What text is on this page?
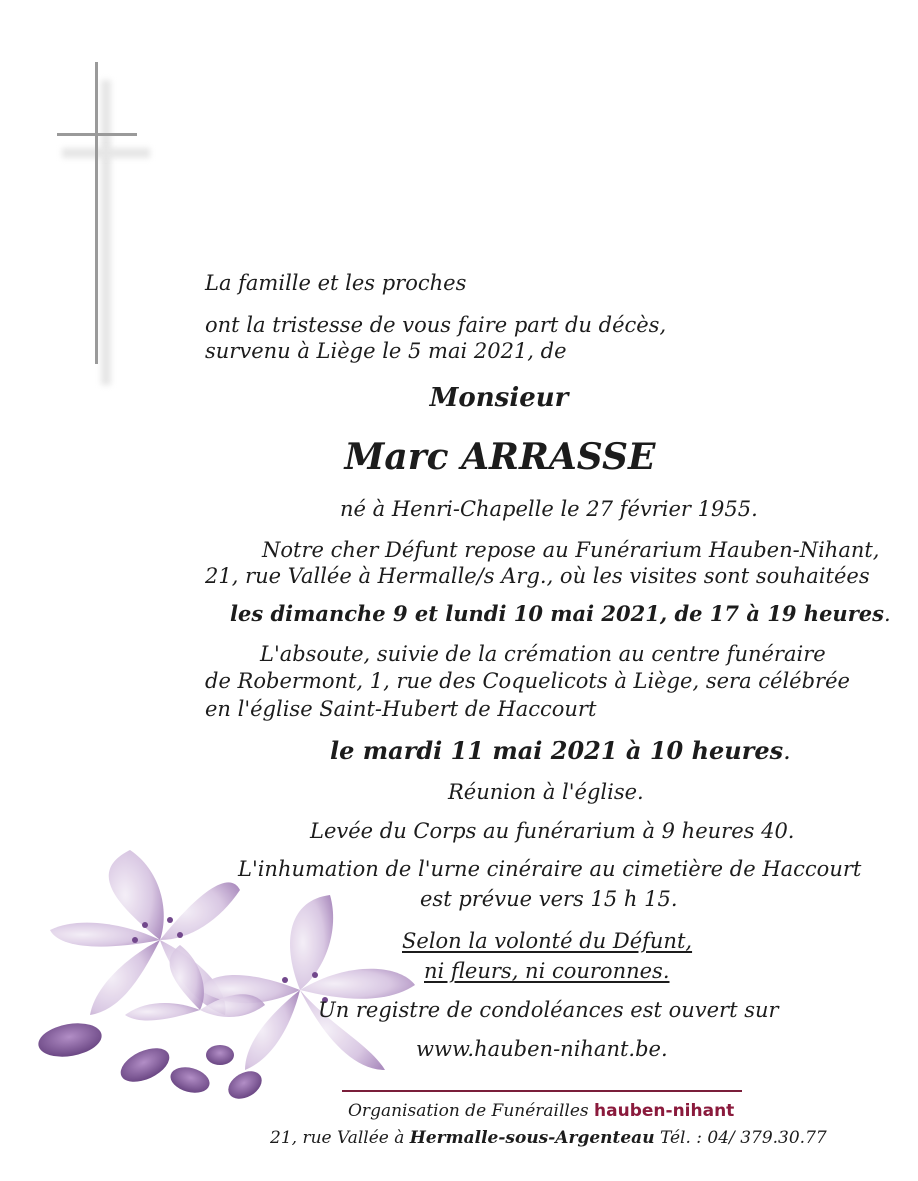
La famille et les proches
ont la tristesse de vous faire part du décès,
survenu à Liège le 5 mai 2021, de
Monsieur
Marc ARRASSE
né à Henri-Chapelle le 27 février 1955.
Notre cher Défunt repose au Funérarium Hauben-Nihant,
21, rue Vallée à Hermalle/s Arg., où les visites sont souhaitées
les dimanche 9 et lundi 10 mai 2021, de 17 à 19 heures.
L'absoute, suivie de la crémation au centre funéraire
de Robermont, 1, rue des Coquelicots à Liège, sera célébrée
en l'église Saint-Hubert de Haccourt
le mardi 11 mai 2021 à 10 heures.
Réunion à l'église.
Levée du Corps au funérarium à 9 heures 40.
L'inhumation de l'urne cinéraire au cimetière de Haccourt
est prévue vers 15 h 15.
Selon la volonté du Défunt,
ni fleurs, ni couronnes.
Un registre de condoléances est ouvert sur
www.hauben-nihant.be.
Organisation de Funérailles hauben-nihant
21, rue Vallée à Hermalle-sous-Argenteau Tél. : 04/ 379.30.77
